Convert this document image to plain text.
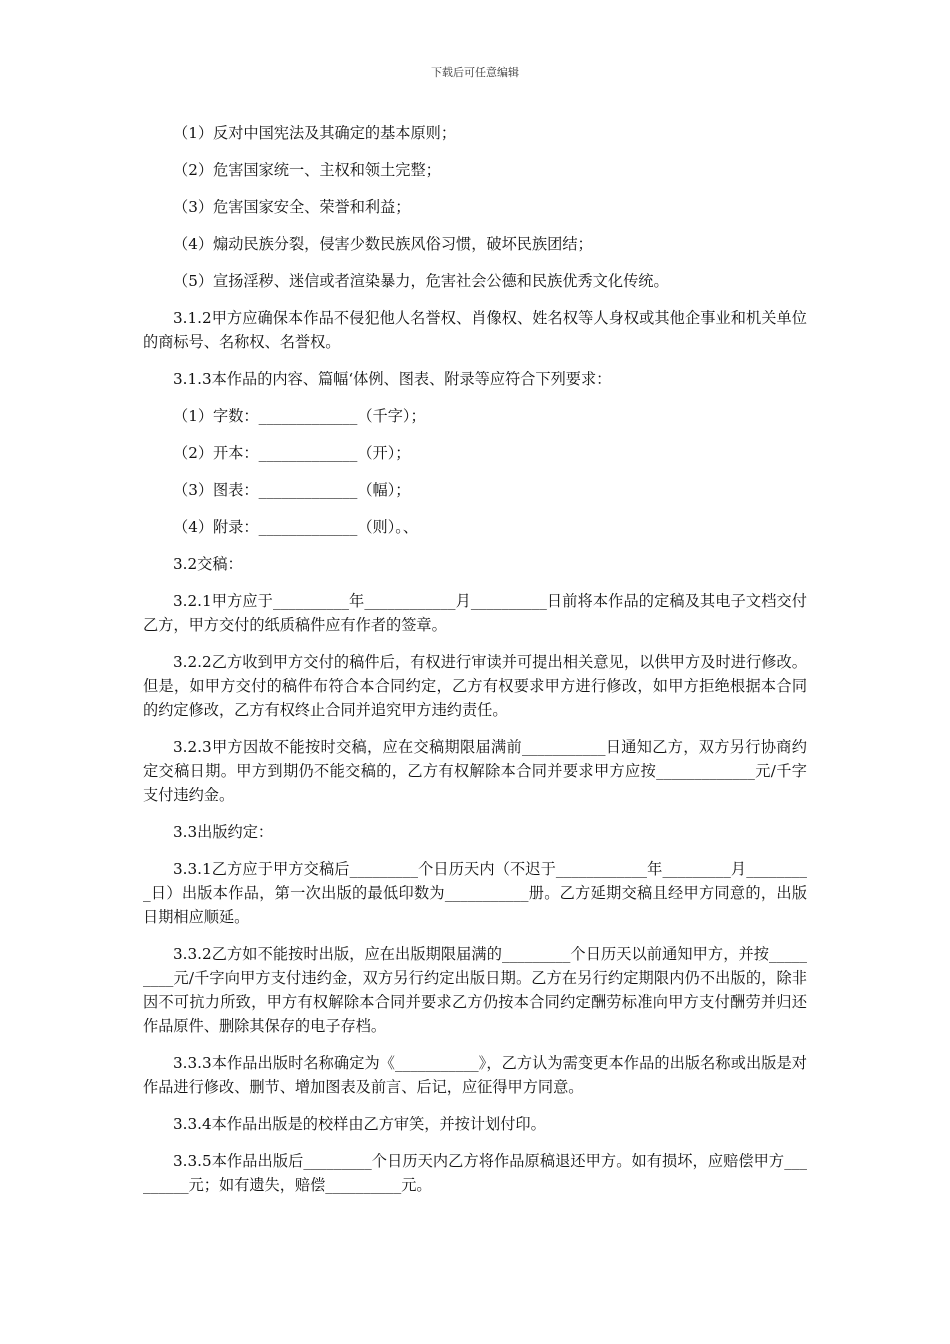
下载后可任意编辑

（1）反对中国宪法及其确定的基本原则；

（2）危害国家统一、主权和领土完整；

（3）危害国家安全、荣誉和利益；

（4）煽动民族分裂，侵害少数民族风俗习惯，破坏民族团结；

（5）宣扬淫秽、迷信或者渲染暴力，危害社会公德和民族优秀文化传统。

3.1.2甲方应确保本作品不侵犯他人名誉权、肖像权、姓名权等人身权或其他企事业和机关单位的商标号、名称权、名誉权。

3.1.3本作品的内容、篇幅‘体例、图表、附录等应符合下列要求：

（1）字数：_____________（千字）；

（2）开本：_____________（开）；

（3）图表：_____________（幅）；

（4）附录：_____________（则）。、

3.2交稿：

3.2.1甲方应于__________年____________月__________日前将本作品的定稿及其电子文档交付乙方，甲方交付的纸质稿件应有作者的签章。

3.2.2乙方收到甲方交付的稿件后，有权进行审读并可提出相关意见，以供甲方及时进行修改。但是，如甲方交付的稿件布符合本合同约定，乙方有权要求甲方进行修改，如甲方拒绝根据本合同的约定修改，乙方有权终止合同并追究甲方违约责任。

3.2.3甲方因故不能按时交稿，应在交稿期限届满前___________日通知乙方，双方另行协商约定交稿日期。甲方到期仍不能交稿的，乙方有权解除本合同并要求甲方应按_____________元/千字支付违约金。

3.3出版约定：

3.3.1乙方应于甲方交稿后_________个日历天内（不迟于____________年_________月_________日）出版本作品，第一次出版的最低印数为___________册。乙方延期交稿且经甲方同意的，出版日期相应顺延。

3.3.2乙方如不能按时出版，应在出版期限届满的_________个日历天以前通知甲方，并按_________元/千字向甲方支付违约金，双方另行约定出版日期。乙方在另行约定期限内仍不出版的，除非因不可抗力所致，甲方有权解除本合同并要求乙方仍按本合同约定酬劳标准向甲方支付酬劳并归还作品原件、删除其保存的电子存档。

3.3.3本作品出版时名称确定为《___________》，乙方认为需变更本作品的出版名称或出版是对作品进行修改、删节、增加图表及前言、后记，应征得甲方同意。

3.3.4本作品出版是的校样由乙方审笑，并按计划付印。

3.3.5本作品出版后_________个日历天内乙方将作品原稿退还甲方。如有损坏，应赔偿甲方_________元；如有遗失，赔偿__________元。
